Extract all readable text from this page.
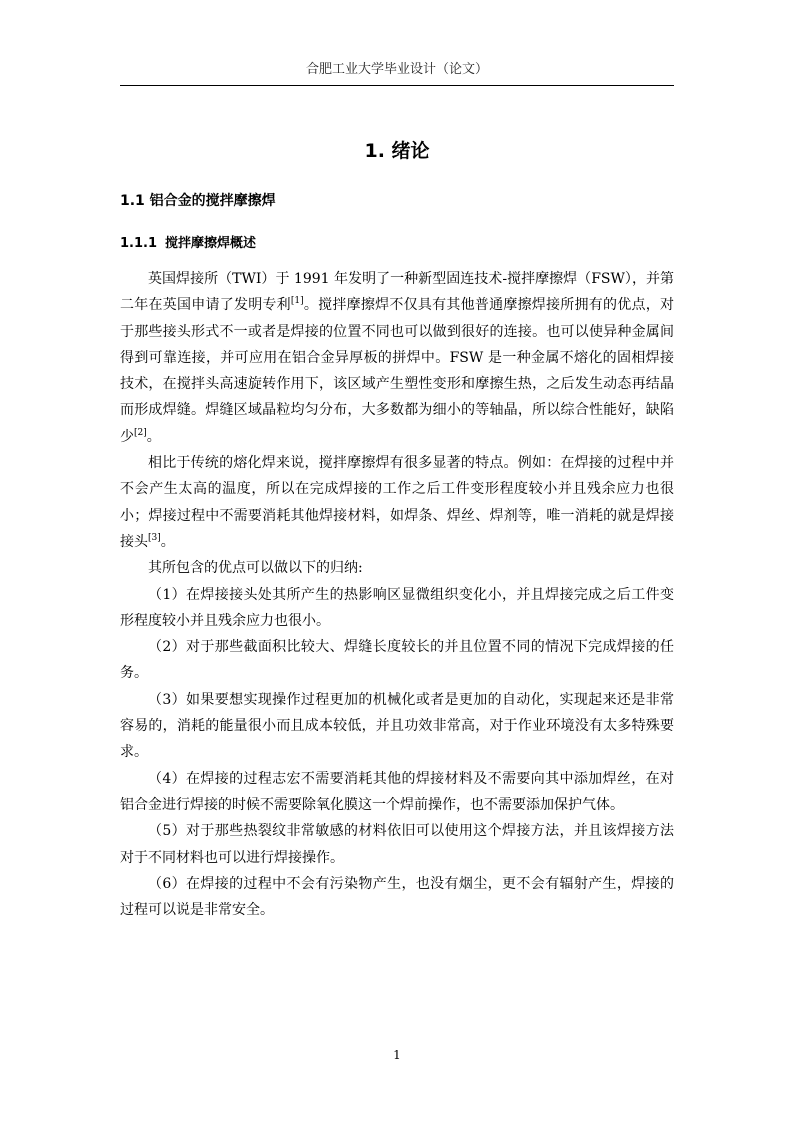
合肥工业大学毕业设计（论文）
1. 绪论
1.1 铝合金的搅拌摩擦焊
1.1.1 搅拌摩擦焊概述

英国焊接所（TWI）于 1991 年发明了一种新型固连技术-搅拌摩擦焊（FSW），并第二年在英国申请了发明专利[1]。搅拌摩擦焊不仅具有其他普通摩擦焊接所拥有的优点，对于那些接头形式不一或者是焊接的位置不同也可以做到很好的连接。也可以使异种金属间得到可靠连接，并可应用在铝合金异厚板的拼焊中。FSW 是一种金属不熔化的固相焊接技术，在搅拌头高速旋转作用下，该区域产生塑性变形和摩擦生热，之后发生动态再结晶而形成焊缝。焊缝区域晶粒均匀分布，大多数都为细小的等轴晶，所以综合性能好，缺陷少[2]。

相比于传统的熔化焊来说，搅拌摩擦焊有很多显著的特点。例如：在焊接的过程中并不会产生太高的温度，所以在完成焊接的工作之后工件变形程度较小并且残余应力也很小；焊接过程中不需要消耗其他焊接材料，如焊条、焊丝、焊剂等，唯一消耗的就是焊接接头[3]。

其所包含的优点可以做以下的归纳:

（1）在焊接接头处其所产生的热影响区显微组织变化小，并且焊接完成之后工件变形程度较小并且残余应力也很小。

（2）对于那些截面积比较大、焊缝长度较长的并且位置不同的情况下完成焊接的任务。

（3）如果要想实现操作过程更加的机械化或者是更加的自动化，实现起来还是非常容易的，消耗的能量很小而且成本较低，并且功效非常高，对于作业环境没有太多特殊要求。

（4）在焊接的过程志宏不需要消耗其他的焊接材料及不需要向其中添加焊丝，在对铝合金进行焊接的时候不需要除氧化膜这一个焊前操作，也不需要添加保护气体。

（5）对于那些热裂纹非常敏感的材料依旧可以使用这个焊接方法，并且该焊接方法对于不同材料也可以进行焊接操作。

（6）在焊接的过程中不会有污染物产生，也没有烟尘，更不会有辐射产生，焊接的过程可以说是非常安全。

1
